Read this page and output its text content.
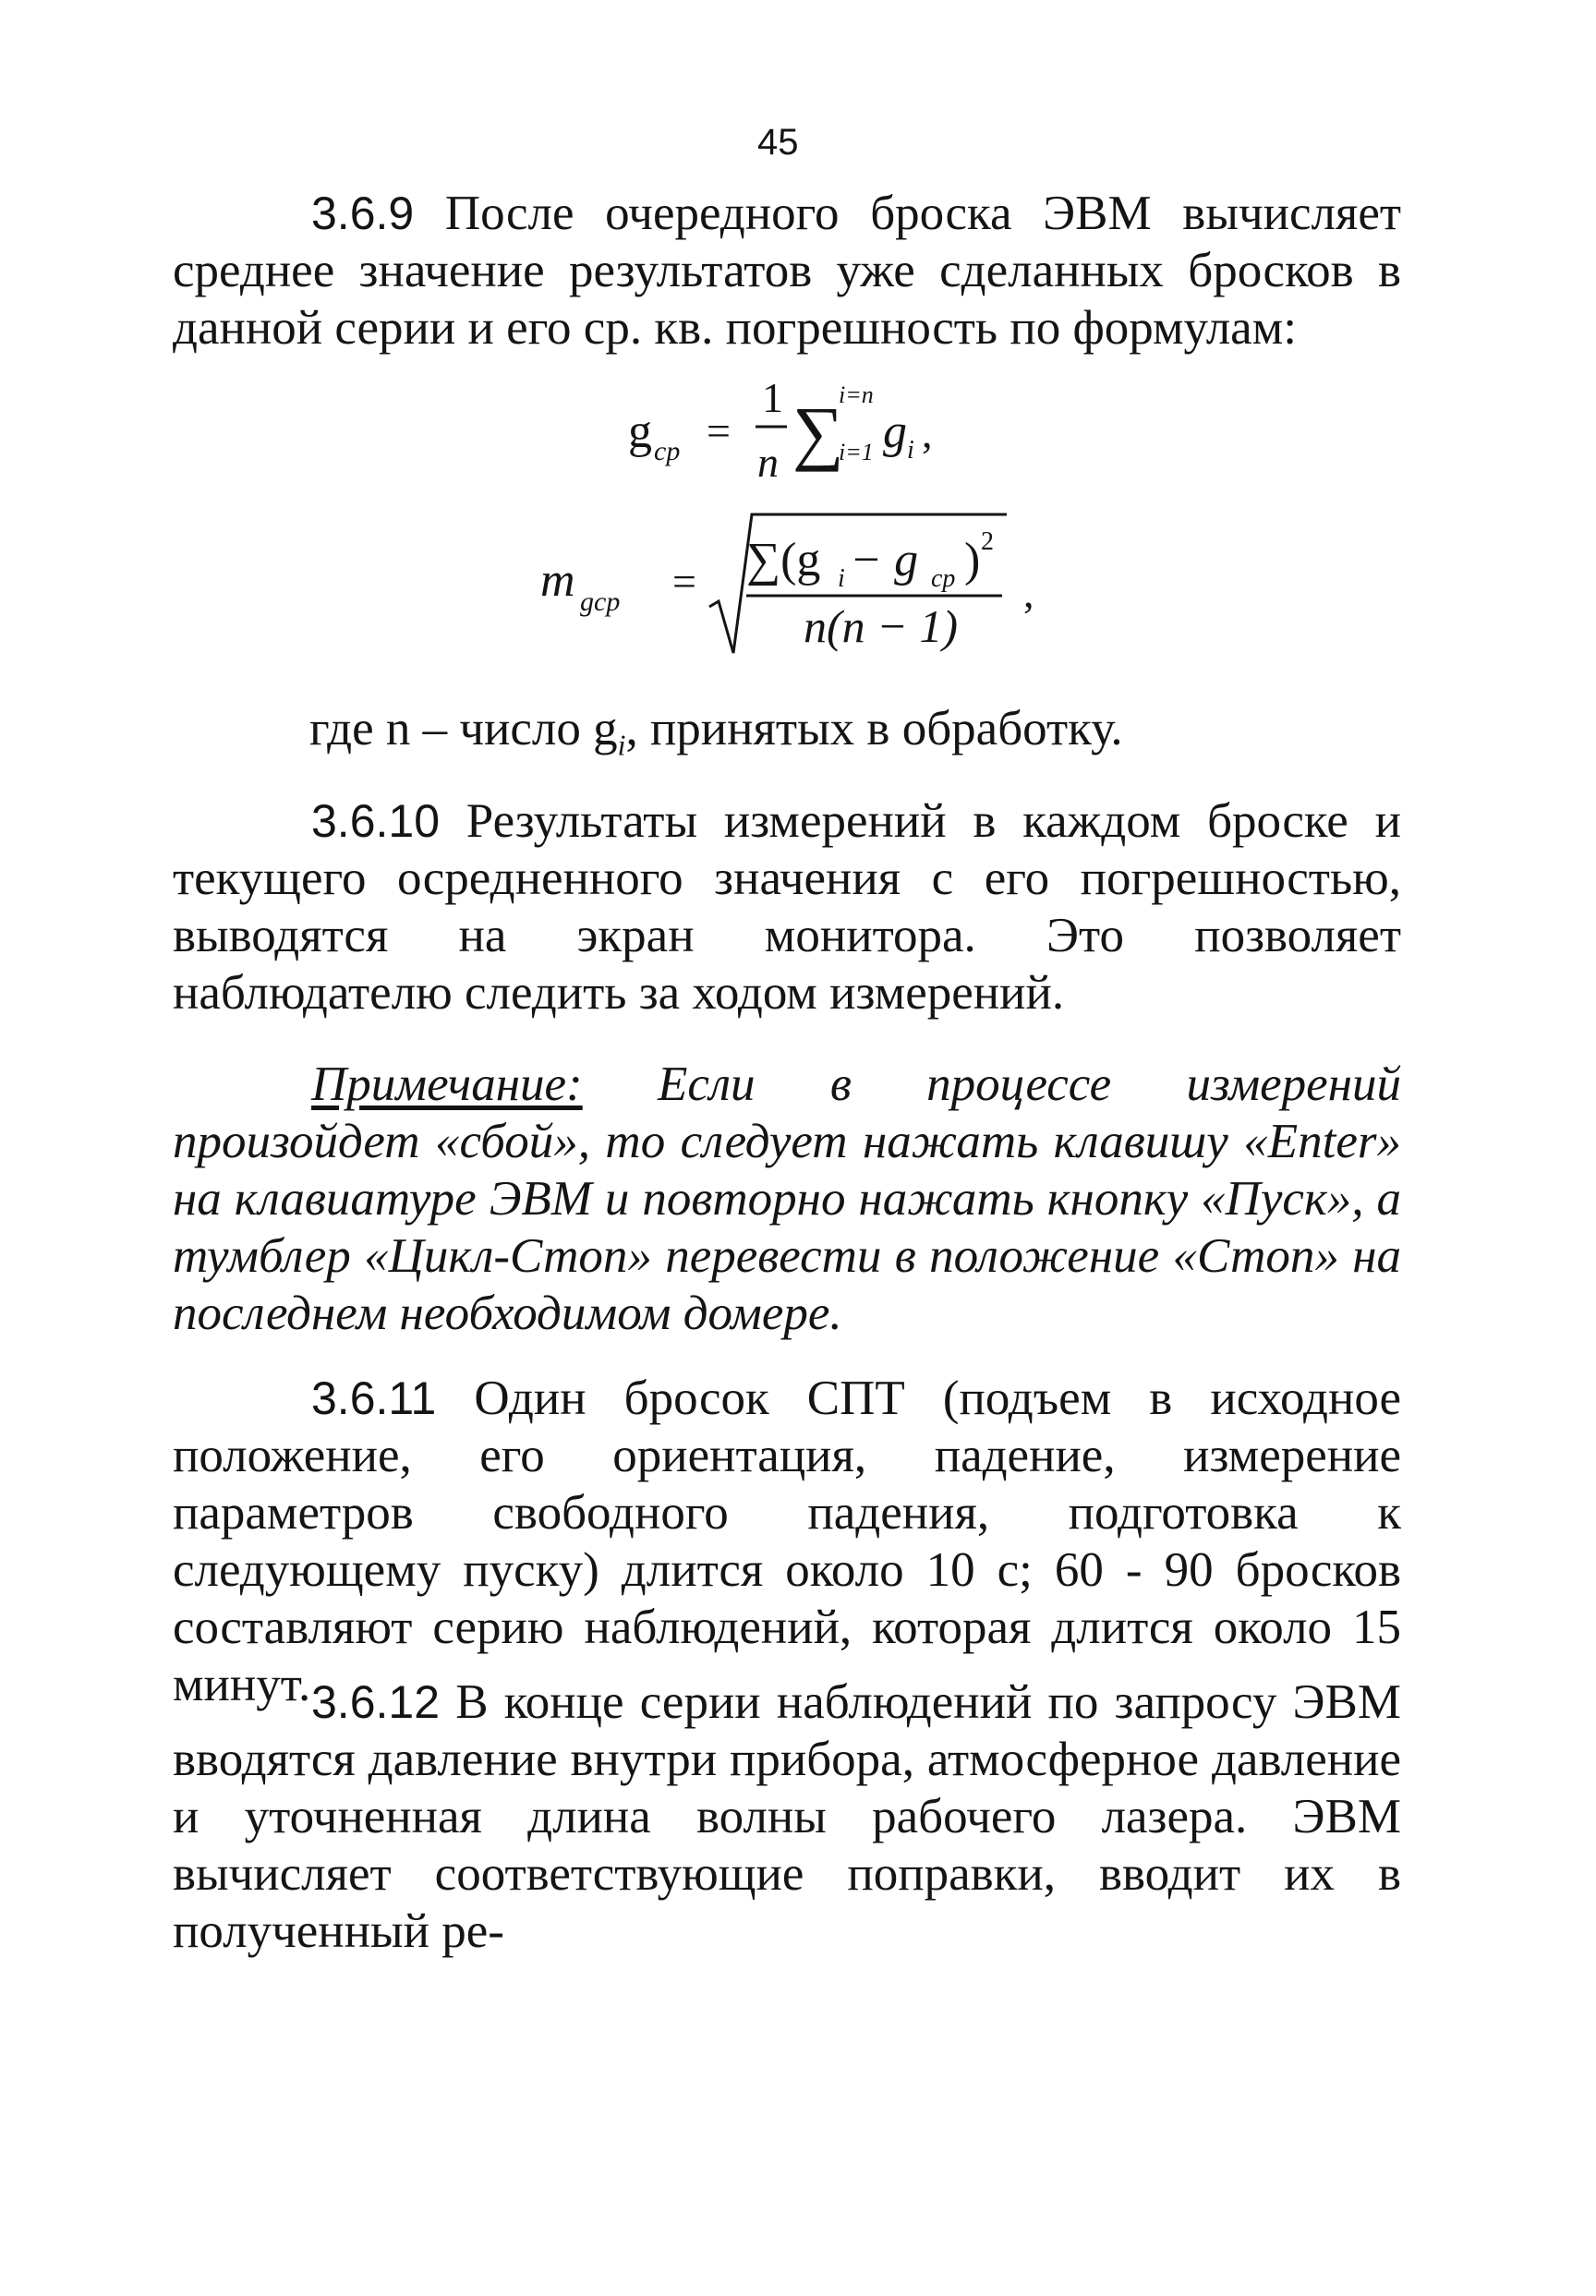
45
3.6.9 После очередного броска ЭВМ вычисляет среднее значение результатов уже сделанных бросков в данной серии и его ср. кв. погрешность по формулам:
g ср =
1
n ∑
i=n
i=1 g i ,
m gср = ∑(g i − g ср ) 2
n(n − 1)
,
где n – число $g_i$, принятых в обработку.
3.6.10 Результаты измерений в каждом броске и текущего осредненного значения с его погрешностью, выводятся на экран монитора. Это позволяет наблюдателю следить за ходом измерений.
Примечание: Если в процессе измерений произойдет «сбой», то следует нажать клавишу «Enter» на клавиатуре ЭВМ и повторно нажать кнопку «Пуск», а тумблер «Цикл-Стоп» перевести в положение «Стоп» на последнем необходимом домере.
3.6.11 Один бросок СПТ (подъем в исходное положение, его ориентация, падение, измерение параметров свободного падения, подготовка к следующему пуску) длится около 10 с; 60 - 90 бросков составляют серию наблюдений, которая длится около 15 минут. 3.6.12 В конце серии наблюдений по запросу ЭВМ вводятся давление внутри прибора, атмосферное давление и уточненная длина волны рабочего лазера. ЭВМ вычисляет соответствующие поправки, вводит их в полученный ре-
